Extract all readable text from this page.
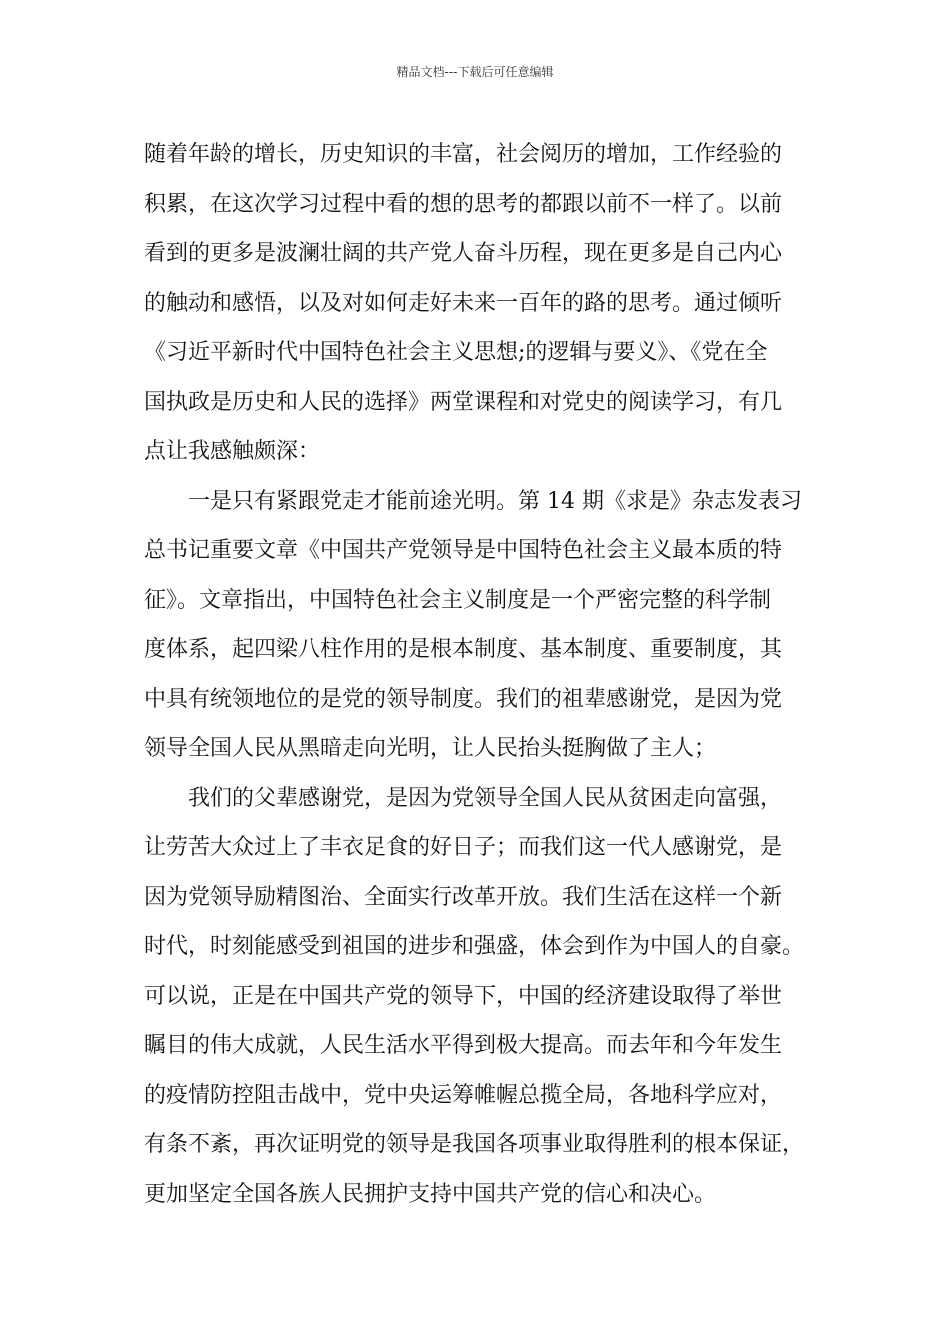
精品文档---下载后可任意编辑
随着年龄的增长，历史知识的丰富，社会阅历的增加，工作经验的
积累，在这次学习过程中看的想的思考的都跟以前不一样了。以前
看到的更多是波澜壮阔的共产党人奋斗历程，现在更多是自己内心
的触动和感悟，以及对如何走好未来一百年的路的思考。通过倾听
《习近平新时代中国特色社会主义思想;的逻辑与要义》、《党在全
国执政是历史和人民的选择》两堂课程和对党史的阅读学习，有几
点让我感触颇深：
一是只有紧跟党走才能前途光明。第 14 期《求是》杂志发表习
总书记重要文章《中国共产党领导是中国特色社会主义最本质的特
征》。文章指出，中国特色社会主义制度是一个严密完整的科学制
度体系，起四梁八柱作用的是根本制度、基本制度、重要制度，其
中具有统领地位的是党的领导制度。我们的祖辈感谢党，是因为党
领导全国人民从黑暗走向光明，让人民抬头挺胸做了主人；
我们的父辈感谢党，是因为党领导全国人民从贫困走向富强，
让劳苦大众过上了丰衣足食的好日子；而我们这一代人感谢党，是
因为党领导励精图治、全面实行改革开放。我们生活在这样一个新
时代，时刻能感受到祖国的进步和强盛，体会到作为中国人的自豪。
可以说，正是在中国共产党的领导下，中国的经济建设取得了举世
瞩目的伟大成就，人民生活水平得到极大提高。而去年和今年发生
的疫情防控阻击战中，党中央运筹帷幄总揽全局，各地科学应对，
有条不紊，再次证明党的领导是我国各项事业取得胜利的根本保证，
更加坚定全国各族人民拥护支持中国共产党的信心和决心。
